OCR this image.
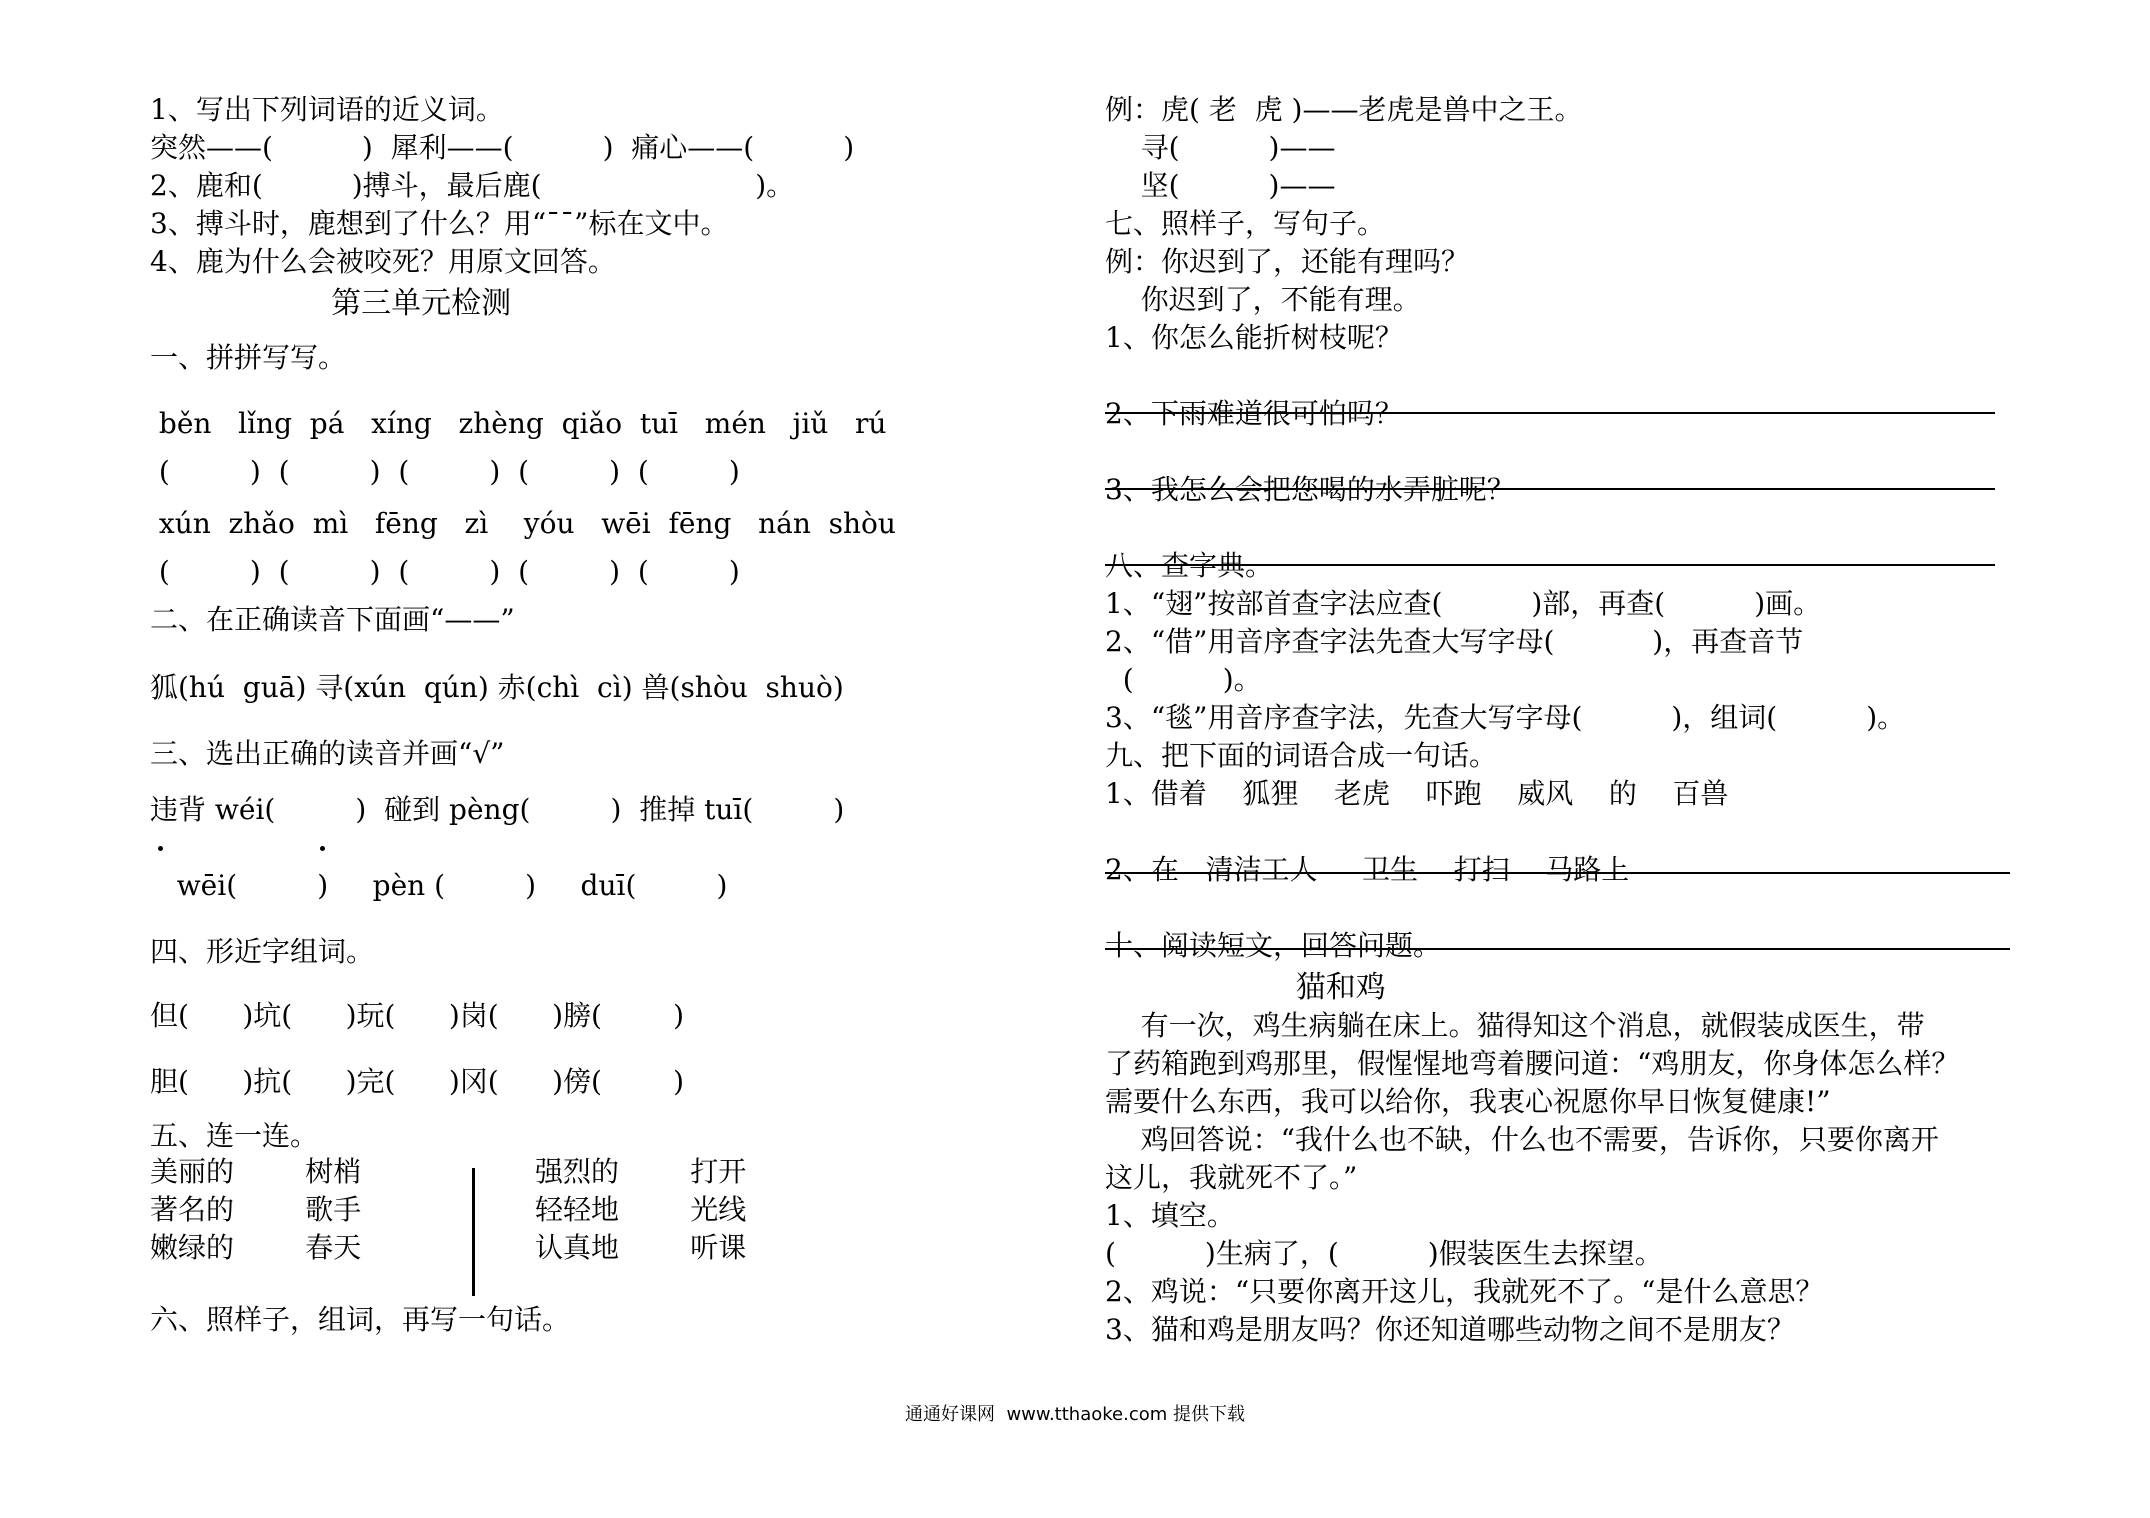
1、写出下列词语的近义词。
突然——(          )  犀利——(          )  痛心——(          )
2、鹿和(          )搏斗，最后鹿(                        )。
3、搏斗时，鹿想到了什么？用“¯¯”标在文中。
4、鹿为什么会被咬死？用原文回答。
第三单元检测
一、拼拼写写。
běn   lǐng  pá   xíng   zhèng  qiǎo  tuī   mén   jiǔ   rú
(         )  (         )  (         )  (         )  (         )
xún  zhǎo  mì   fēng   zì    yóu   wēi  fēng   nán  shòu
(         )  (         )  (         )  (         )  (         )
二、在正确读音下面画“——”
狐(hú  guā) 寻(xún  qún) 赤(chì  cì) 兽(shòu  shuò)
三、选出正确的读音并画“√”
违背 wéi(         )  碰到 pèng(         )  推掉 tuī(         )
wēi(         )     pèn (         )     duī(         )
四、形近字组词。
但(      )坑(      )玩(      )岗(      )膀(        )
胆(      )抗(      )完(      )冈(      )傍(        )
五、连一连。
美丽的        树梢
著名的        歌手
嫩绿的        春天
六、照样子，组词，再写一句话。
强烈的        打开
轻轻地        光线
认真地        听课
例：虎( 老  虎 )——老虎是兽中之王。
寻(          )——
坚(          )——
七、照样子，写句子。
例：你迟到了，还能有理吗？
你迟到了，不能有理。
1、你怎么能折树枝呢？
2、下雨难道很可怕吗？
3、我怎么会把您喝的水弄脏呢？
八、查字典。
1、“翅”按部首查字法应查(          )部，再查(          )画。
2、“借”用音序查字法先查大写字母(           )，再查音节
(          )。
3、“毯”用音序查字法，先查大写字母(          )，组词(          )。
九、把下面的词语合成一句话。
1、借着    狐狸    老虎    吓跑    威风    的    百兽
2、在   清洁工人     卫生    打扫    马路上
十、阅读短文，回答问题。
猫和鸡
有一次，鸡生病躺在床上。猫得知这个消息，就假装成医生，带
了药箱跑到鸡那里，假惺惺地弯着腰问道：“鸡朋友，你身体怎么样？
需要什么东西，我可以给你，我衷心祝愿你早日恢复健康!”
鸡回答说：“我什么也不缺，什么也不需要，告诉你，只要你离开
这儿，我就死不了。”
1、填空。
(          )生病了，(          )假装医生去探望。
2、鸡说：“只要你离开这儿，我就死不了。“是什么意思？
3、猫和鸡是朋友吗？你还知道哪些动物之间不是朋友？
通通好课网  www.tthaoke.com 提供下载
